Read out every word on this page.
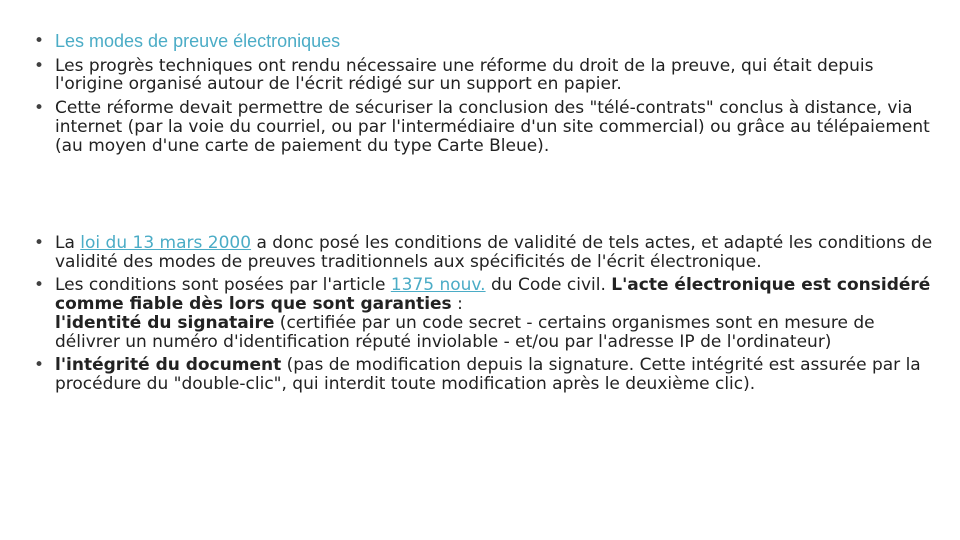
• Les modes de preuve électroniques
• Les progrès techniques ont rendu nécessaire une réforme du droit de la preuve, qui était depuis l'origine organisé autour de l'écrit rédigé sur un support en papier.
• Cette réforme devait permettre de sécuriser la conclusion des "télé-contrats" conclus à distance, via internet (par la voie du courriel, ou par l'intermédiaire d'un site commercial) ou grâce au télépaiement (au moyen d'une carte de paiement du type Carte Bleue).
• La loi du 13 mars 2000 a donc posé les conditions de validité de tels actes, et adapté les conditions de validité des modes de preuves traditionnels aux spécificités de l'écrit électronique.
• Les conditions sont posées par l'article 1375 nouv. du Code civil. L'acte électronique est considéré comme fiable dès lors que sont garanties :
l'identité du signataire (certifiée par un code secret - certains organismes sont en mesure de délivrer un numéro d'identification réputé inviolable - et/ou par l'adresse IP de l'ordinateur)
• l'intégrité du document (pas de modification depuis la signature. Cette intégrité est assurée par la procédure du "double-clic", qui interdit toute modification après le deuxième clic).
